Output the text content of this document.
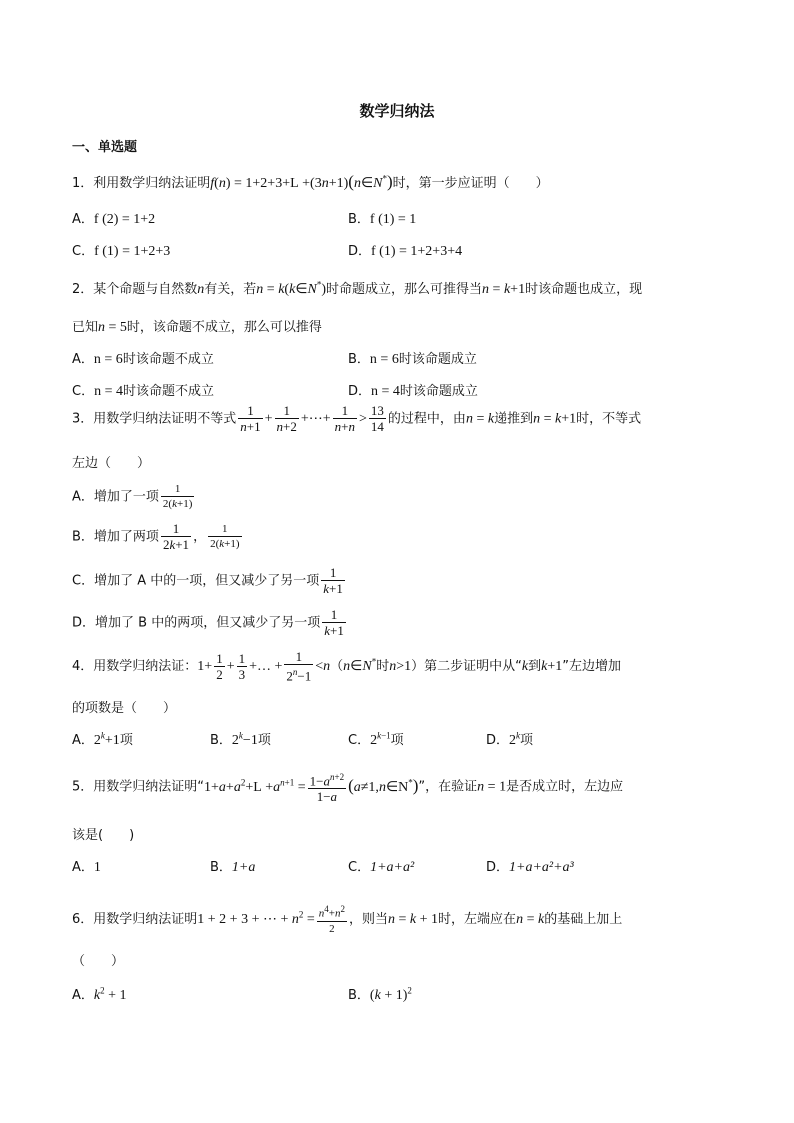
数学归纳法
一、单选题
1．利用数学归纳法证明f(n) = 1+2+3+L +(3n+1)(n∈N*)时，第一步应证明（　　）
A．f (2) = 1+2	B．f (1) = 1
C．f (1) = 1+2+3	D．f (1) = 1+2+3+4
2．某个命题与自然数n有关，若n = k(k∈N*)时命题成立，那么可推得当n = k+1时该命题也成立，现
已知n = 5时，该命题不成立，那么可以推得
A．n = 6时该命题不成立	B．n = 6时该命题成立
C．n = 4时该命题不成立	D．n = 4时该命题成立
3．用数学归纳法证明不等式 $\frac{1}{n+1} + \frac{1}{n+2}$ +⋯+ $\frac{1}{n+n} > \frac{13}{14}$ 的过程中，由n = k递推到n = k+1时，不等式
左边（　　）
A．增加了一项 $\frac{1}{2(k+1)}$
B．增加了两项 $\frac{1}{2k+1}$ ， $\frac{1}{2(k+1)}$
C．增加了 A 中的一项，但又减少了另一项 $\frac{1}{k+1}$
D．增加了 B 中的两项，但又减少了另一项 $\frac{1}{k+1}$
4．用数学归纳法证：$1+ \frac{1}{2} + \frac{1}{3}$ +… + $\frac{1}{2^n-1}$ <n（n∈N*时n>1）第二步证明中从“k到k+1”左边增加
的项数是（　　）
A．$2^k+1$项	B．$2^k-1$项	C．$2^{k-1}$项	D．2$^k$项
5．用数学归纳法证明“$1+a+a^2+L +a^{n+1} = \frac{1-a^{n+2}}{1-a}$ (a≠1,n∈N*)”，在验证n = 1是否成立时，左边应
该是(　　)
A．1	B．1+a	C．1+a+a²	D．1+a+a²+a³
6．用数学归纳法证明1 + 2 + 3 + ⋯ + $n^2 = \frac{n^4+n^2}{2}$ ，则当n = k + 1时，左端应在n = k的基础上加上
（　　）
A．$k^2 + 1$	B．$(k + 1)^2$
